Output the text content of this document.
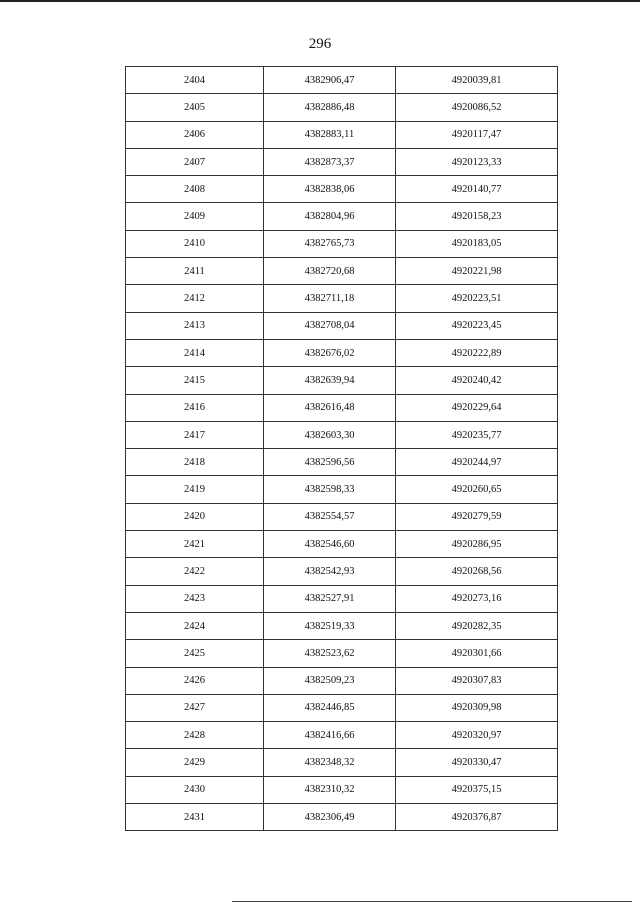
296
2404	4382906,47	4920039,81
2405	4382886,48	4920086,52
2406	4382883,11	4920117,47
2407	4382873,37	4920123,33
2408	4382838,06	4920140,77
2409	4382804,96	4920158,23
2410	4382765,73	4920183,05
2411	4382720,68	4920221,98
2412	4382711,18	4920223,51
2413	4382708,04	4920223,45
2414	4382676,02	4920222,89
2415	4382639,94	4920240,42
2416	4382616,48	4920229,64
2417	4382603,30	4920235,77
2418	4382596,56	4920244,97
2419	4382598,33	4920260,65
2420	4382554,57	4920279,59
2421	4382546,60	4920286,95
2422	4382542,93	4920268,56
2423	4382527,91	4920273,16
2424	4382519,33	4920282,35
2425	4382523,62	4920301,66
2426	4382509,23	4920307,83
2427	4382446,85	4920309,98
2428	4382416,66	4920320,97
2429	4382348,32	4920330,47
2430	4382310,32	4920375,15
2431	4382306,49	4920376,87
